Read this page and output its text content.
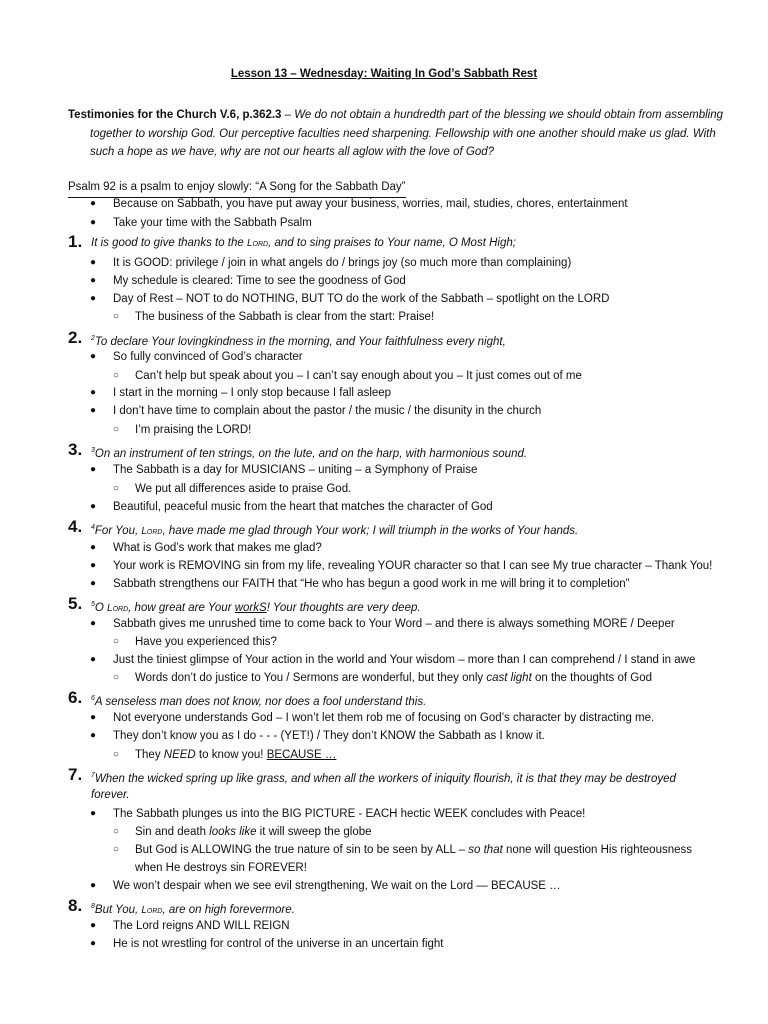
Lesson 13 – Wednesday: Waiting In God’s Sabbath Rest
Testimonies for the Church V.6, p.362.3 – We do not obtain a hundredth part of the blessing we should obtain from assembling together to worship God. Our perceptive faculties need sharpening. Fellowship with one another should make us glad. With such a hope as we have, why are not our hearts all aglow with the love of God?
Psalm 92 is a psalm to enjoy slowly: “A Song for the Sabbath Day”
● Because on Sabbath, you have put away your business, worries, mail, studies, chores, entertainment
● Take your time with the Sabbath Psalm
1. It is good to give thanks to the Lord, and to sing praises to Your name, O Most High;
● It is GOOD: privilege / join in what angels do / brings joy (so much more than complaining)
● My schedule is cleared: Time to see the goodness of God
● Day of Rest – NOT to do NOTHING, BUT TO do the work of the Sabbath – spotlight on the LORD
○ The business of the Sabbath is clear from the start: Praise!
2. $^2$To declare Your lovingkindness in the morning, and Your faithfulness every night,
● So fully convinced of God’s character
○ Can’t help but speak about you – I can’t say enough about you – It just comes out of me
● I start in the morning – I only stop because I fall asleep
● I don’t have time to complain about the pastor / the music / the disunity in the church
○ I’m praising the LORD!
3. $^3$On an instrument of ten strings, on the lute, and on the harp, with harmonious sound.
● The Sabbath is a day for MUSICIANS – uniting – a Symphony of Praise
○ We put all differences aside to praise God.
● Beautiful, peaceful music from the heart that matches the character of God
4. $^4$For You, Lord, have made me glad through Your work; I will triumph in the works of Your hands.
● What is God’s work that makes me glad?
● Your work is REMOVING sin from my life, revealing YOUR character so that I can see My true character – Thank You!
● Sabbath strengthens our FAITH that “He who has begun a good work in me will bring it to completion”
5. $^5$O Lord, how great are Your workS! Your thoughts are very deep.
● Sabbath gives me unrushed time to come back to Your Word – and there is always something MORE / Deeper
○ Have you experienced this?
● Just the tiniest glimpse of Your action in the world and Your wisdom – more than I can comprehend / I stand in awe
○ Words don’t do justice to You / Sermons are wonderful, but they only cast light on the thoughts of God
6. $^6$A senseless man does not know, nor does a fool understand this.
● Not everyone understands God – I won’t let them rob me of focusing on God’s character by distracting me.
● They don’t know you as I do - - - (YET!) / They don’t KNOW the Sabbath as I know it.
○ They NEED to know you! BECAUSE …
7. $^7$When the wicked spring up like grass, and when all the workers of iniquity flourish, it is that they may be destroyed
forever.
● The Sabbath plunges us into the BIG PICTURE - EACH hectic WEEK concludes with Peace!
○ Sin and death looks like it will sweep the globe
○ But God is ALLOWING the true nature of sin to be seen by ALL – so that none will question His righteousness
when He destroys sin FOREVER!
● We won’t despair when we see evil strengthening, We wait on the Lord — BECAUSE …
8. $^8$But You, Lord, are on high forevermore.
● The Lord reigns AND WILL REIGN
● He is not wrestling for control of the universe in an uncertain fight
